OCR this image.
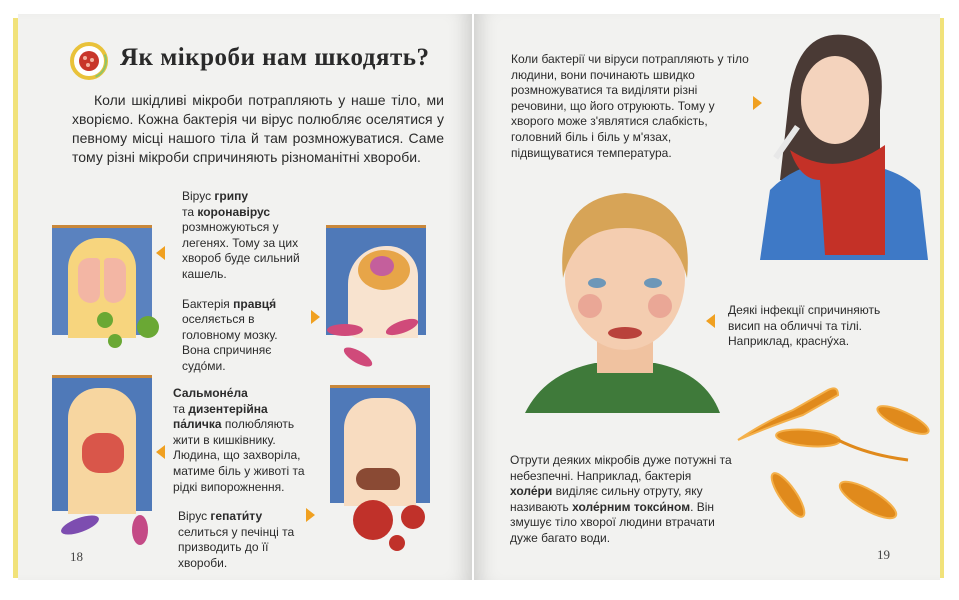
Як мікроби нам шкодять?
Коли шкідливі мікроби потрапляють у наше тіло, ми хворіємо. Кожна бактерія чи вірус полюбляє оселятися у певному місці нашого тіла й там розмножуватися. Саме тому різні мікроби спричиняють різноманітні хвороби.
Вірус грипу
та коронавірус
розмножуються у легенях. Тому за цих хвороб буде сильний кашель.
Бактерія правця́ оселяється в головному мозку. Вона спричиняє судо́ми.
Сальмоне́ла
та дизентерійна па́личка полюбляють жити в кишківнику. Людина, що захворіла, матиме біль у животі та рідкі випорожнення.
Вірус гепати́ту селиться у печінці та призводить до її хвороби.
18
Коли бактерії чи віруси потрапляють у тіло людини, вони починають швидко розмножуватися та виділяти різні речовини, що його отруюють. Тому у хворого може з'являтися слабкість, головний біль і біль у м'язах, підвищуватися температура.
Деякі інфекції спричиняють висип на обличчі та тілі. Наприклад, красну́ха.
Отрути деяких мікробів дуже потужні та небезпечні. Наприклад, бактерія холе́ри виділяє сильну отруту, яку називають холе́рним токси́ном. Він змушує тіло хворої людини втрачати дуже багато води.
19
